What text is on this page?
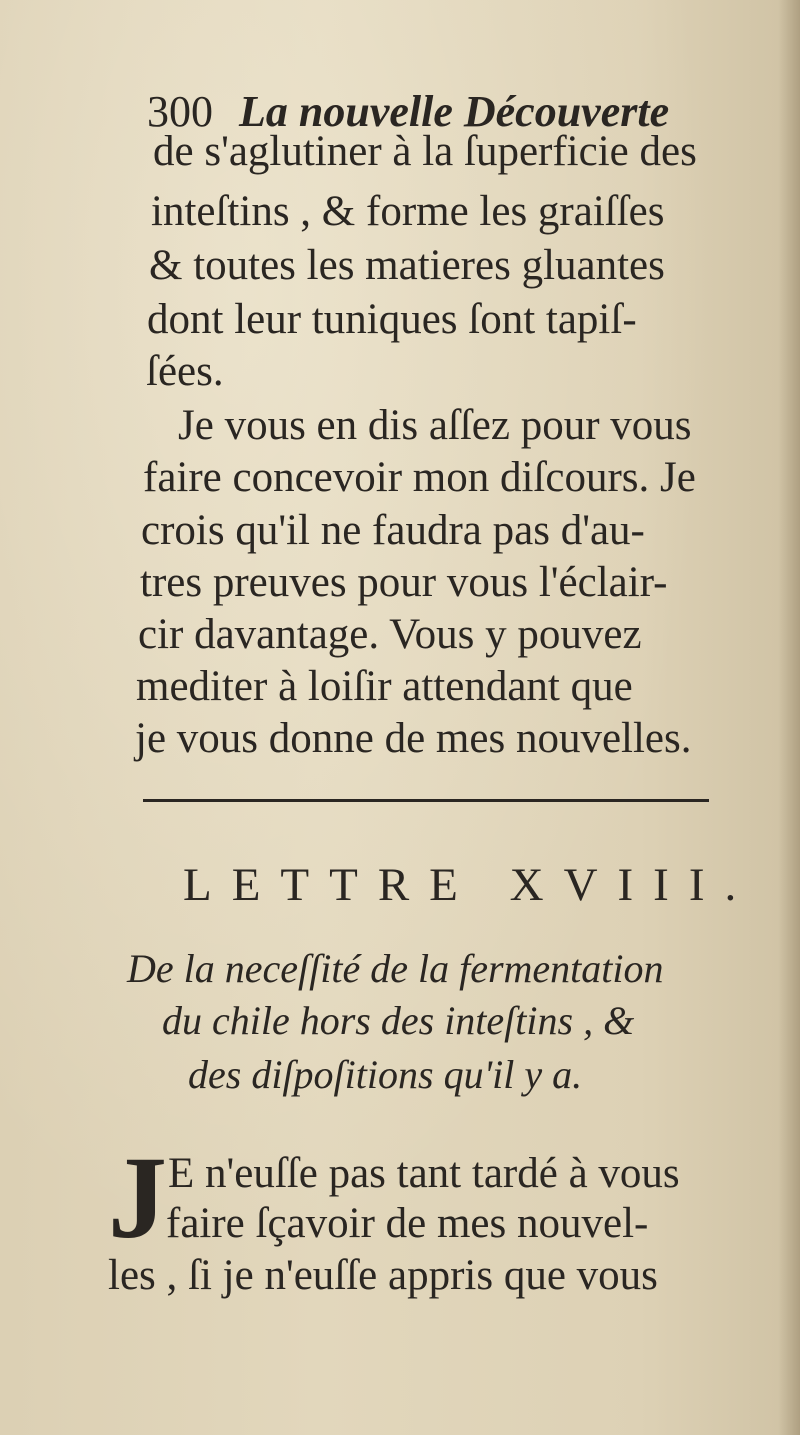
300 La nouvelle Découverte
de s'aglutiner à la ſuperficie des
inteſtins , & forme les graiſſes
& toutes les matieres gluantes
dont leur tuniques ſont tapiſ-
ſées.
Je vous en dis aſſez pour vous
faire concevoir mon diſcours. Je
crois qu'il ne faudra pas d'au-
tres preuves pour vous l'éclair-
cir davantage. Vous y pouvez
mediter à loiſir attendant que
je vous donne de mes nouvelles.
LETTRE XVIII.
De la neceſſité de la fermentation
du chile hors des inteſtins , &
des diſpoſitions qu'il y a.
J E n'euſſe pas tant tardé à vous
faire ſçavoir de mes nouvel-
les , ſi je n'euſſe appris que vous
